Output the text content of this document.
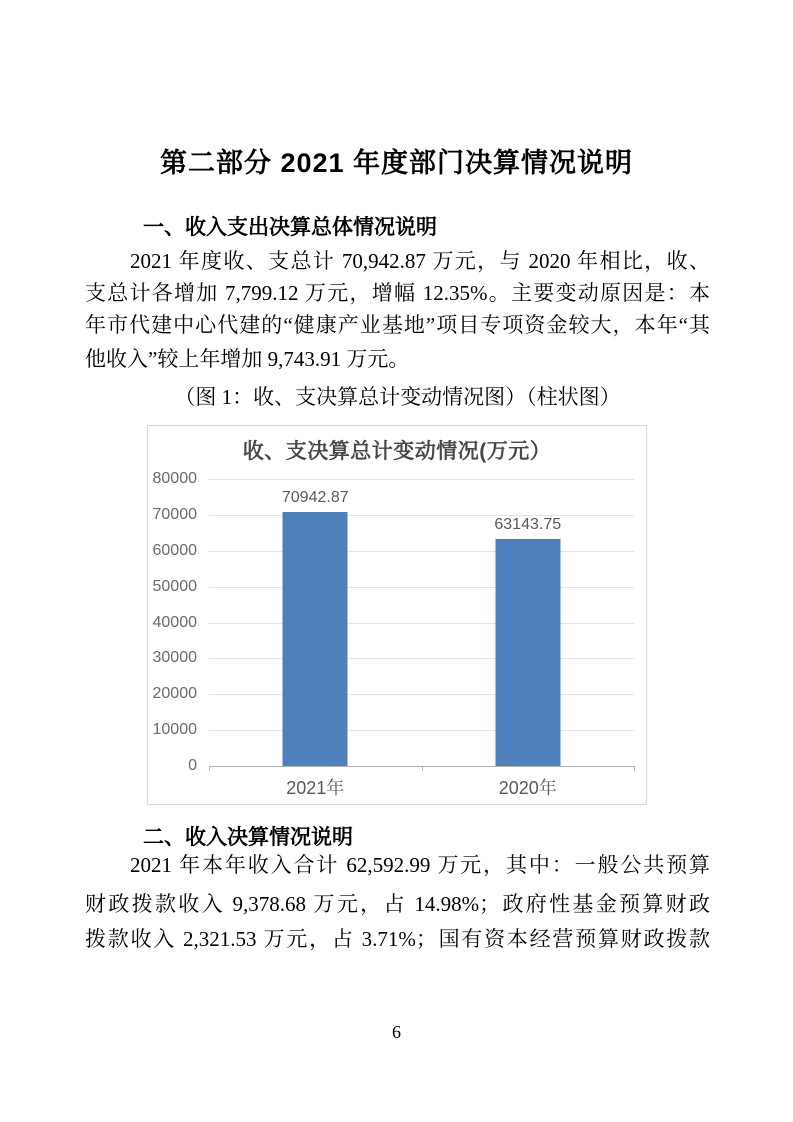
第二部分 2021 年度部门决算情况说明
一、收入支出决算总体情况说明
2021 年度收、支总计 70,942.87 万元，与 2020 年相比，收、
支总计各增加 7,799.12 万元，增幅 12.35%。主要变动原因是：本
年市代建中心代建的“健康产业基地”项目专项资金较大，本年“其
他收入”较上年增加 9,743.91 万元。
（图 1：收、支决算总计变动情况图）（柱状图）
收、支决算总计变动情况(万元）
80000
70000
60000
50000
40000
30000
20000
10000
0
70942.87
63143.75
2021年	2020年
二、收入决算情况说明
2021 年本年收入合计 62,592.99 万元，其中：一般公共预算
财政拨款收入 9,378.68 万元，占 14.98%；政府性基金预算财政
拨款收入 2,321.53 万元，占 3.71%；国有资本经营预算财政拨款
6
